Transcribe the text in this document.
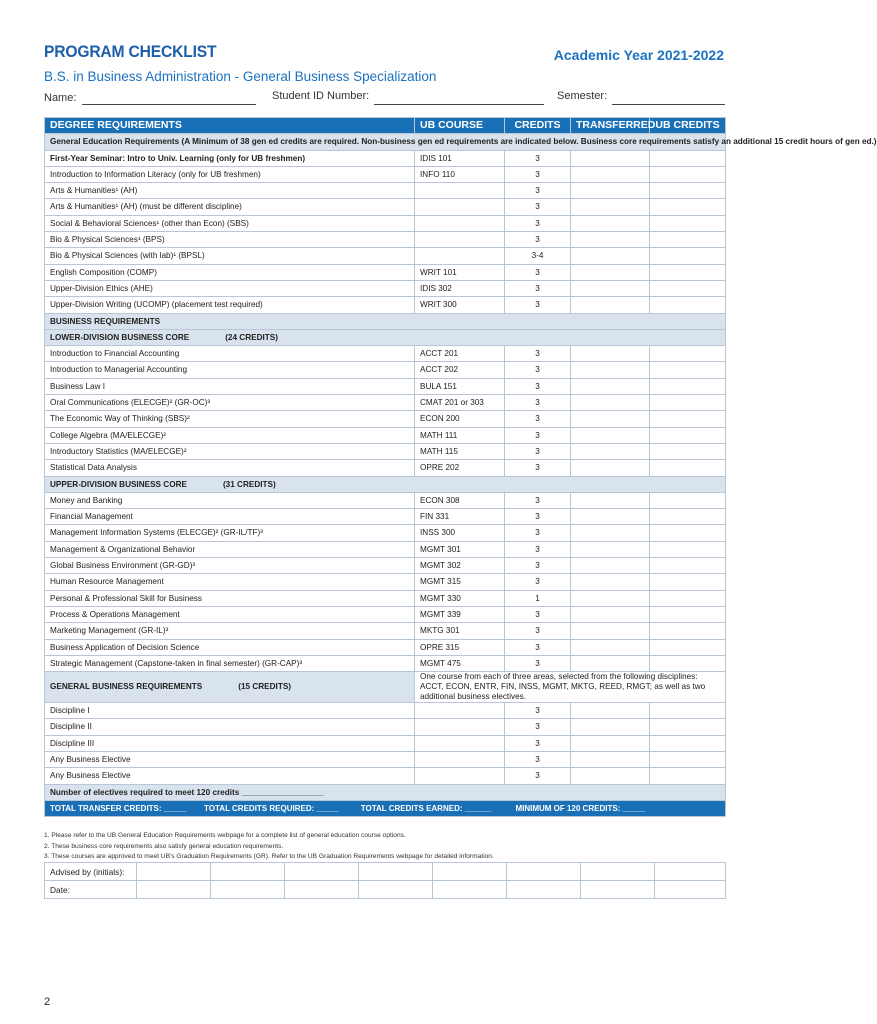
PROGRAM CHECKLIST	Academic Year 2021-2022
B.S. in Business Administration - General Business Specialization
Name:	Student ID Number:	Semester:
DEGREE REQUIREMENTS	UB COURSE	CREDITS	TRANSFERRED	UB CREDITS
General Education Requirements (A Minimum of 38 gen ed credits are required. Non-business gen ed requirements are indicated below. Business core requirements satisfy an additional 15 credit hours of gen ed.)				
First-Year Seminar: Intro to Univ. Learning (only for UB freshmen)	IDIS 101	3		
Introduction to Information Literacy (only for UB freshmen)	INFO 110	3		
Arts & Humanities¹ (AH)		3		
Arts & Humanities¹ (AH) (must be different discipline)		3		
Social & Behavioral Sciences¹ (other than Econ) (SBS)		3		
Bio & Physical Sciences¹ (BPS)		3		
Bio & Physical Sciences (with lab)¹ (BPSL)		3-4		
English Composition (COMP)	WRIT 101	3		
Upper-Division Ethics (AHE)	IDIS 302	3		
Upper-Division Writing (UCOMP) (placement test required)	WRIT 300	3		
BUSINESS REQUIREMENTS				
LOWER-DIVISION BUSINESS CORE (24 CREDITS)				
Introduction to Financial Accounting	ACCT 201	3		
Introduction to Managerial Accounting	ACCT 202	3		
Business Law I	BULA 151	3		
Oral Communications (ELECGE)² (GR-OC)³	CMAT 201 or 303	3		
The Economic Way of Thinking (SBS)²	ECON 200	3		
College Algebra (MA/ELECGE)²	MATH 111	3		
Introductory Statistics (MA/ELECGE)²	MATH 115	3		
Statistical Data Analysis	OPRE 202	3		
UPPER-DIVISION BUSINESS CORE (31 CREDITS)				
Money and Banking	ECON 308	3		
Financial Management	FIN 331	3		
Management Information Systems (ELECGE)² (GR-IL/TF)³	INSS 300	3		
Management & Organizational Behavior	MGMT 301	3		
Global Business Environment (GR-GD)³	MGMT 302	3		
Human Resource Management	MGMT 315	3		
Personal & Professional Skill for Business	MGMT 330	1		
Process & Operations Management	MGMT 339	3		
Marketing Management (GR-IL)³	MKTG 301	3		
Business Application of Decision Science	OPRE 315	3		
Strategic Management (Capstone-taken in final semester) (GR-CAP)³	MGMT 475	3		
GENERAL BUSINESS REQUIREMENTS (15 CREDITS)	One course from each of three areas, selected from the following disciplines: ACCT, ECON, ENTR, FIN, INSS, MGMT, MKTG, REED, RMGT; as well as two additional business electives.			
Discipline I		3		
Discipline II		3		
Discipline III		3		
Any Business Elective		3		
Any Business Elective		3		
Number of electives required to meet 120 credits __________________				
TOTAL TRANSFER CREDITS: _____ TOTAL CREDITS REQUIRED: _____ TOTAL CREDITS EARNED: ______ MINIMUM OF 120 CREDITS: _____				
1. Please refer to the UB General Education Requirements webpage for a complete list of general education course options.
2. These business core requirements also satisfy general education requirements.
3. These courses are approved to meet UB's Graduation Requirements (GR). Refer to the UB Graduation Requirements webpage for detailed information.
Advised by (initials):								
Date:								
2
